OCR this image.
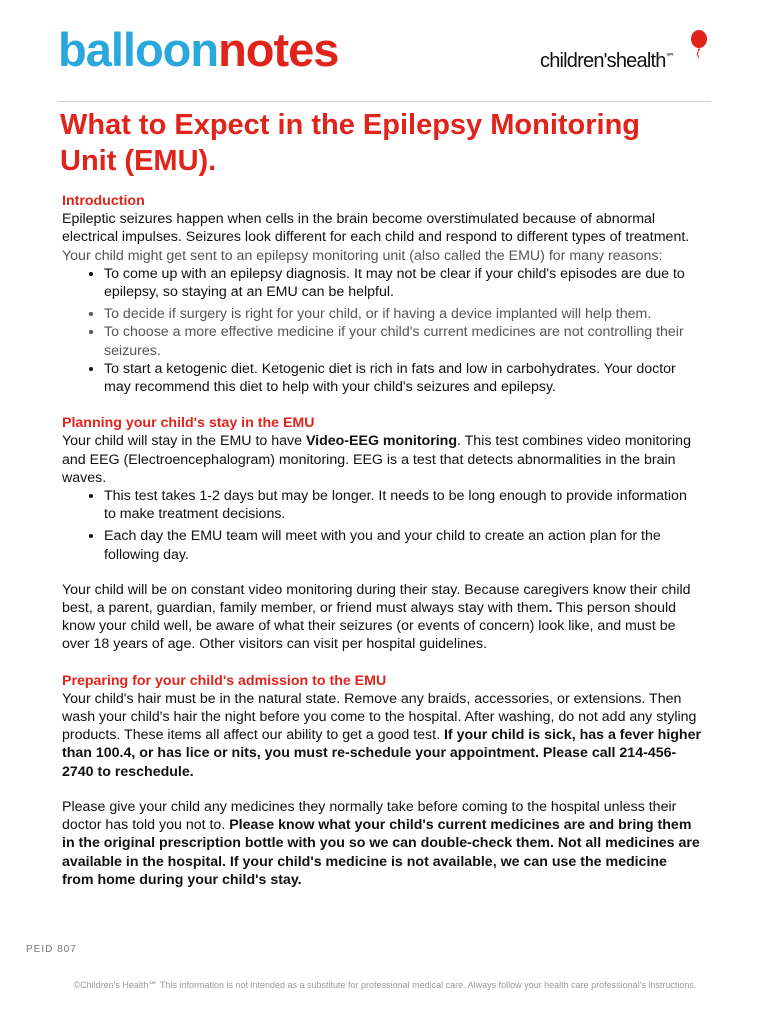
balloonnotes	children'shealth℠
What to Expect in the Epilepsy Monitoring Unit (EMU).

Introduction

Epileptic seizures happen when cells in the brain become overstimulated because of abnormal electrical impulses. Seizures look different for each child and respond to different types of treatment. Your child might get sent to an epilepsy monitoring unit (also called the EMU) for many reasons:

• To come up with an epilepsy diagnosis. It may not be clear if your child's episodes are due to epilepsy, so staying at an EMU can be helpful.
• To decide if surgery is right for your child, or if having a device implanted will help them.
• To choose a more effective medicine if your child's current medicines are not controlling their seizures.
• To start a ketogenic diet. Ketogenic diet is rich in fats and low in carbohydrates. Your doctor may recommend this diet to help with your child's seizures and epilepsy.

Planning your child's stay in the EMU

Your child will stay in the EMU to have Video-EEG monitoring. This test combines video monitoring and EEG (Electroencephalogram) monitoring. EEG is a test that detects abnormalities in the brain waves.

• This test takes 1-2 days but may be longer. It needs to be long enough to provide information to make treatment decisions.
• Each day the EMU team will meet with you and your child to create an action plan for the following day.

Your child will be on constant video monitoring during their stay. Because caregivers know their child best, a parent, guardian, family member, or friend must always stay with them. This person should know your child well, be aware of what their seizures (or events of concern) look like, and must be over 18 years of age. Other visitors can visit per hospital guidelines.

Preparing for your child's admission to the EMU

Your child's hair must be in the natural state. Remove any braids, accessories, or extensions. Then wash your child's hair the night before you come to the hospital. After washing, do not add any styling products. These items all affect our ability to get a good test. If your child is sick, has a fever higher than 100.4, or has lice or nits, you must re-schedule your appointment. Please call 214-456-2740 to reschedule.

Please give your child any medicines they normally take before coming to the hospital unless their doctor has told you not to. Please know what your child's current medicines are and bring them in the original prescription bottle with you so we can double-check them. Not all medicines are available in the hospital. If your child's medicine is not available, we can use the medicine from home during your child's stay.

PEID 807
©Children's Health℠ This information is not intended as a substitute for professional medical care. Always follow your health care professional's instructions.
